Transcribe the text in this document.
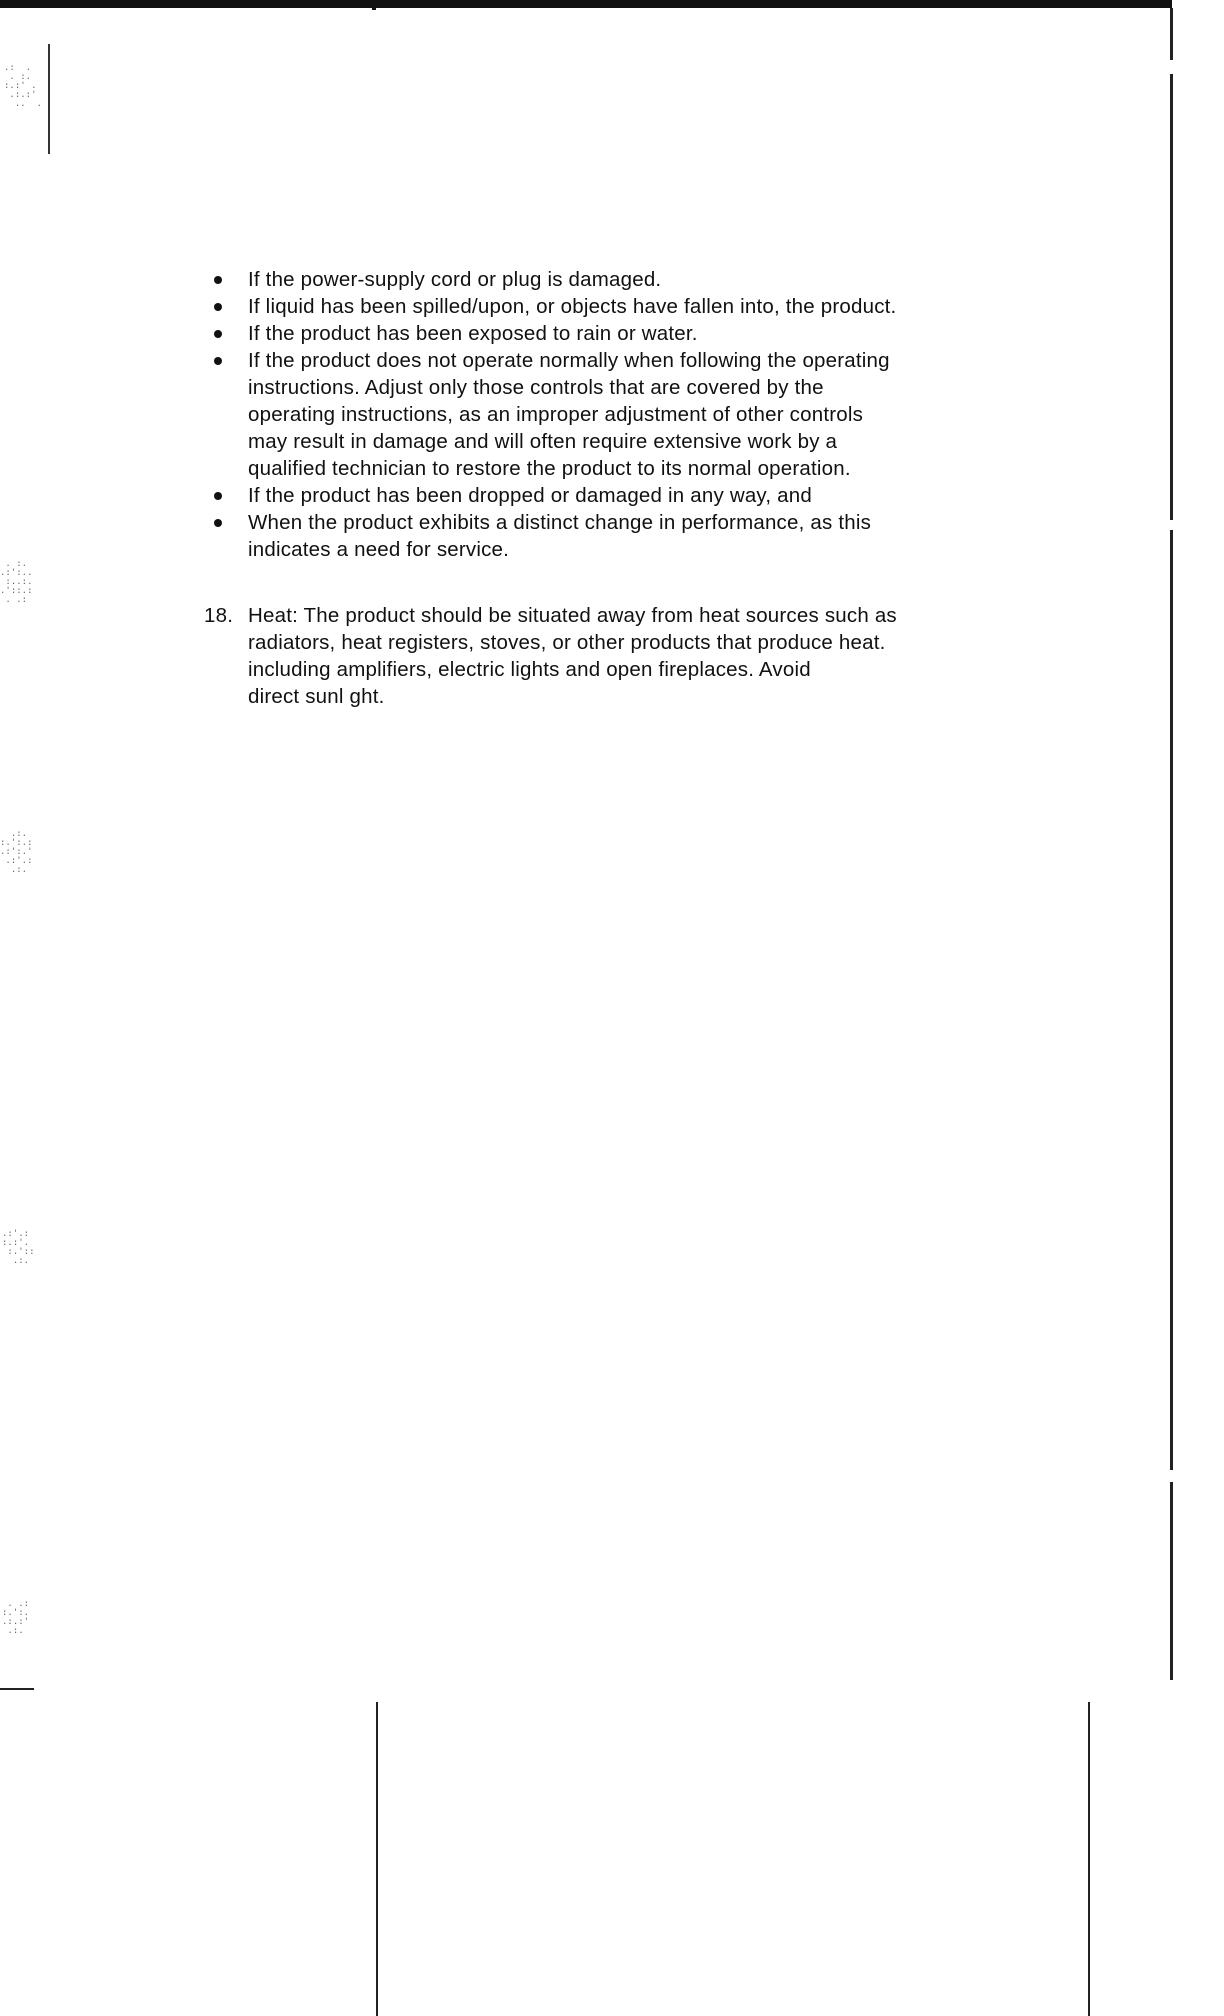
.:  .
. :.
:.:' .
.:.:'
..  .
. :.
.:':..
:..:.
.'::.:
. .:
.:.
:.':.:
.:':.'
.:'.:
.:.
.:'.:
:.:'.
:.'::
.:.
. .:
:.':.
.:.:'
.:.
If the power-supply cord or plug is damaged.
If liquid has been spilled/upon, or objects have fallen into, the product.
If the product has been exposed to rain or water.
If the product does not operate normally when following the operating
instructions. Adjust only those controls that are covered by the
operating instructions, as an improper adjustment of other controls
may result in damage and will often require extensive work by a
qualified technician to restore the product to its normal operation.
If the product has been dropped or damaged in any way, and
When the product exhibits a distinct change in performance, as this
indicates a need for service.
18. Heat: The product should be situated away from heat sources such as
radiators, heat registers, stoves, or other products that produce heat.
including amplifiers, electric lights and open fireplaces. Avoid
direct sunl ght.
